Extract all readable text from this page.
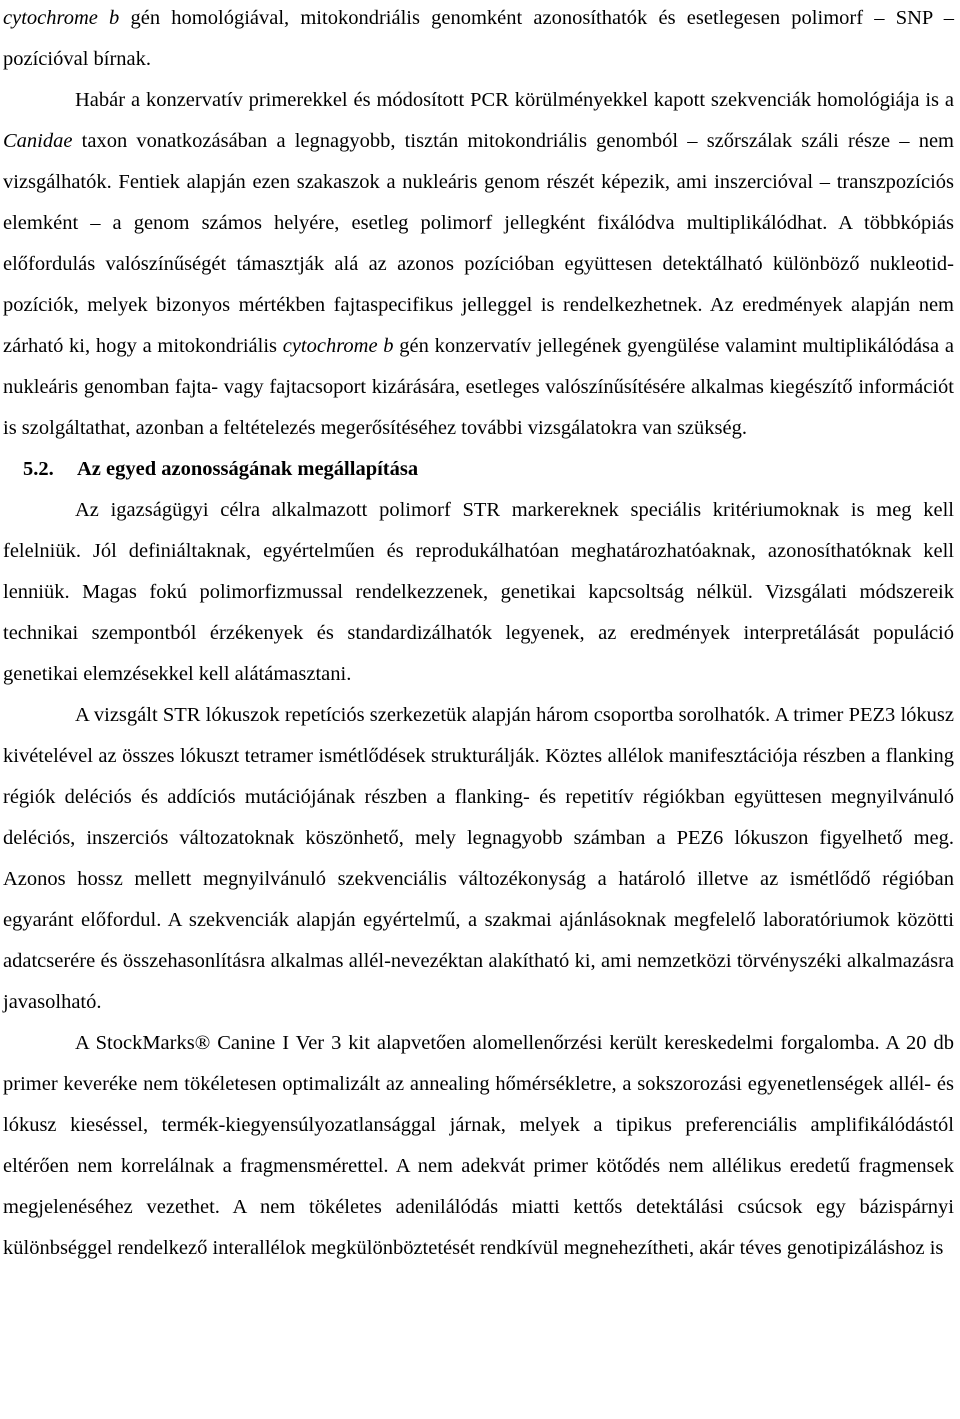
cytochrome b gén homológiával, mitokondriális genomként azonosíthatók és esetlegesen polimorf – SNP – pozícióval bírnak.

Habár a konzervatív primerekkel és módosított PCR körülményekkel kapott szekvenciák homológiája is a Canidae taxon vonatkozásában a legnagyobb, tisztán mitokondriális genomból – szőrszálak száli része – nem vizsgálhatók. Fentiek alapján ezen szakaszok a nukleáris genom részét képezik, ami inszercióval – transzpozíciós elemként – a genom számos helyére, esetleg polimorf jellegként fixálódva multiplikálódhat. A többkópiás előfordulás valószínűségét támasztják alá az azonos pozícióban együttesen detektálható különböző nukleotid-pozíciók, melyek bizonyos mértékben fajtaspecifikus jelleggel is rendelkezhetnek. Az eredmények alapján nem zárható ki, hogy a mitokondriális cytochrome b gén konzervatív jellegének gyengülése valamint multiplikálódása a nukleáris genomban fajta- vagy fajtacsoport kizárására, esetleges valószínűsítésére alkalmas kiegészítő információt is szolgáltathat, azonban a feltételezés megerősítéséhez további vizsgálatokra van szükség.

5.2. Az egyed azonosságának megállapítása

Az igazságügyi célra alkalmazott polimorf STR markereknek speciális kritériumoknak is meg kell felelniük. Jól definiáltaknak, egyértelműen és reprodukálhatóan meghatározhatóaknak, azonosíthatóknak kell lenniük. Magas fokú polimorfizmussal rendelkezzenek, genetikai kapcsoltság nélkül. Vizsgálati módszereik technikai szempontból érzékenyek és standardizálhatók legyenek, az eredmények interpretálását populáció genetikai elemzésekkel kell alátámasztani.

A vizsgált STR lókuszok repetíciós szerkezetük alapján három csoportba sorolhatók. A trimer PEZ3 lókusz kivételével az összes lókuszt tetramer ismétlődések strukturálják. Köztes allélok manifesztációja részben a flanking régiók deléciós és addíciós mutációjának részben a flanking- és repetitív régiókban együttesen megnyilvánuló deléciós, inszerciós változatoknak köszönhető, mely legnagyobb számban a PEZ6 lókuszon figyelhető meg. Azonos hossz mellett megnyilvánuló szekvenciális változékonyság a határoló illetve az ismétlődő régióban egyaránt előfordul. A szekvenciák alapján egyértelmű, a szakmai ajánlásoknak megfelelő laboratóriumok közötti adatcserére és összehasonlításra alkalmas allél-nevezéktan alakítható ki, ami nemzetközi törvényszéki alkalmazásra javasolható.

A StockMarks® Canine I Ver 3 kit alapvetően alomellenőrzési került kereskedelmi forgalomba. A 20 db primer keveréke nem tökéletesen optimalizált az annealing hőmérsékletre, a sokszorozási egyenetlenségek allél- és lókusz kieséssel, termék-kiegyensúlyozatlansággal járnak, melyek a tipikus preferenciális amplifikálódástól eltérően nem korrelálnak a fragmensmérettel. A nem adekvát primer kötődés nem allélikus eredetű fragmensek megjelenéséhez vezethet. A nem tökéletes adenilálódás miatti kettős detektálási csúcsok egy bázispárnyi különbséggel rendelkező interallélok megkülönböztetését rendkívül megnehezítheti, akár téves genotipizáláshoz is
